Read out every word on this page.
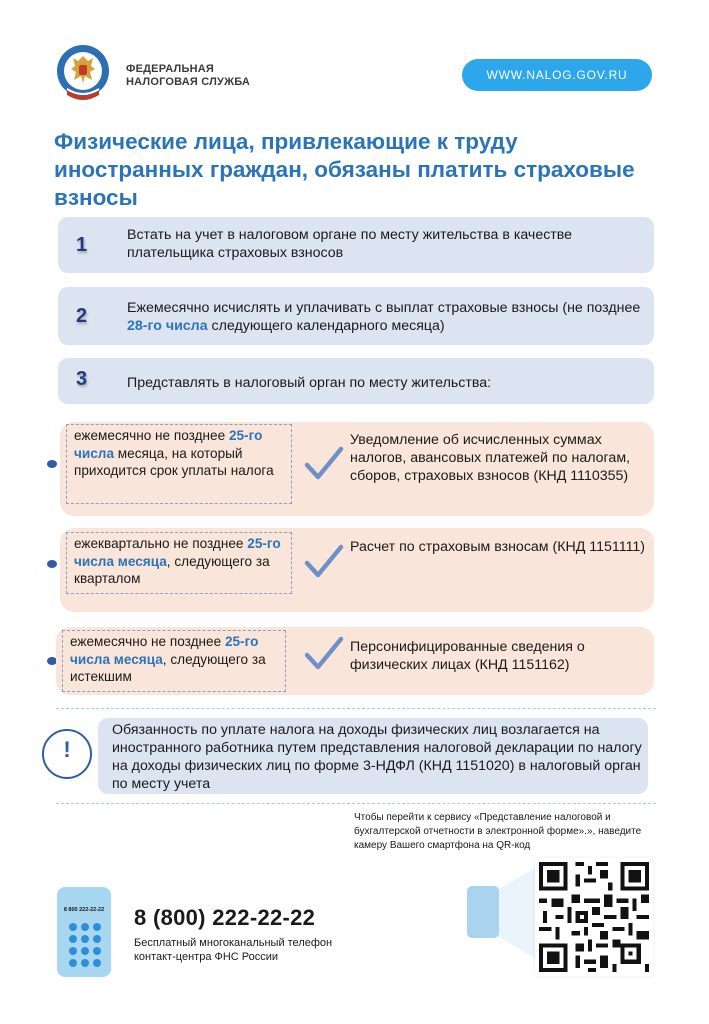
ФЕДЕРАЛЬНАЯ
НАЛОГОВАЯ СЛУЖБА	WWW.NALOG.GOV.RU
Физические лица, привлекающие к труду иностранных граждан, обязаны платить страховые взносы
1	Встать на учет в налоговом органе по месту жительства в качестве плательщика страховых взносов
2	Ежемесячно исчислять и уплачивать с выплат страховые взносы (не позднее 28-го числа следующего календарного месяца)
3	Представлять в налоговый орган по месту жительства:
ежемесячно не позднее 25-го числа месяца, на который приходится срок уплаты налога
Уведомление об исчисленных суммах налогов, авансовых платежей по налогам, сборов, страховых взносов (КНД 1110355)
ежеквартально не позднее 25-го числа месяца, следующего за кварталом
Расчет по страховым взносам (КНД 1151111)
ежемесячно не позднее 25-го числа месяца, следующего за истекшим
Персонифицированные сведения о физических лицах (КНД 1151162)
!
Обязанность по уплате налога на доходы физических лиц возлагается на иностранного работника путем представления налоговой декларации по налогу на доходы физических лиц по форме 3-НДФЛ (КНД 1151020) в налоговый орган по месту учета
Чтобы перейти к сервису «Представление налоговой и бухгалтерской отчетности в электронной форме».», наведите камеру Вашего смартфона на QR-код
8 800 222-22-22 8 (800) 222-22-22
Бесплатный многоканальный телефон контакт-центра ФНС России
